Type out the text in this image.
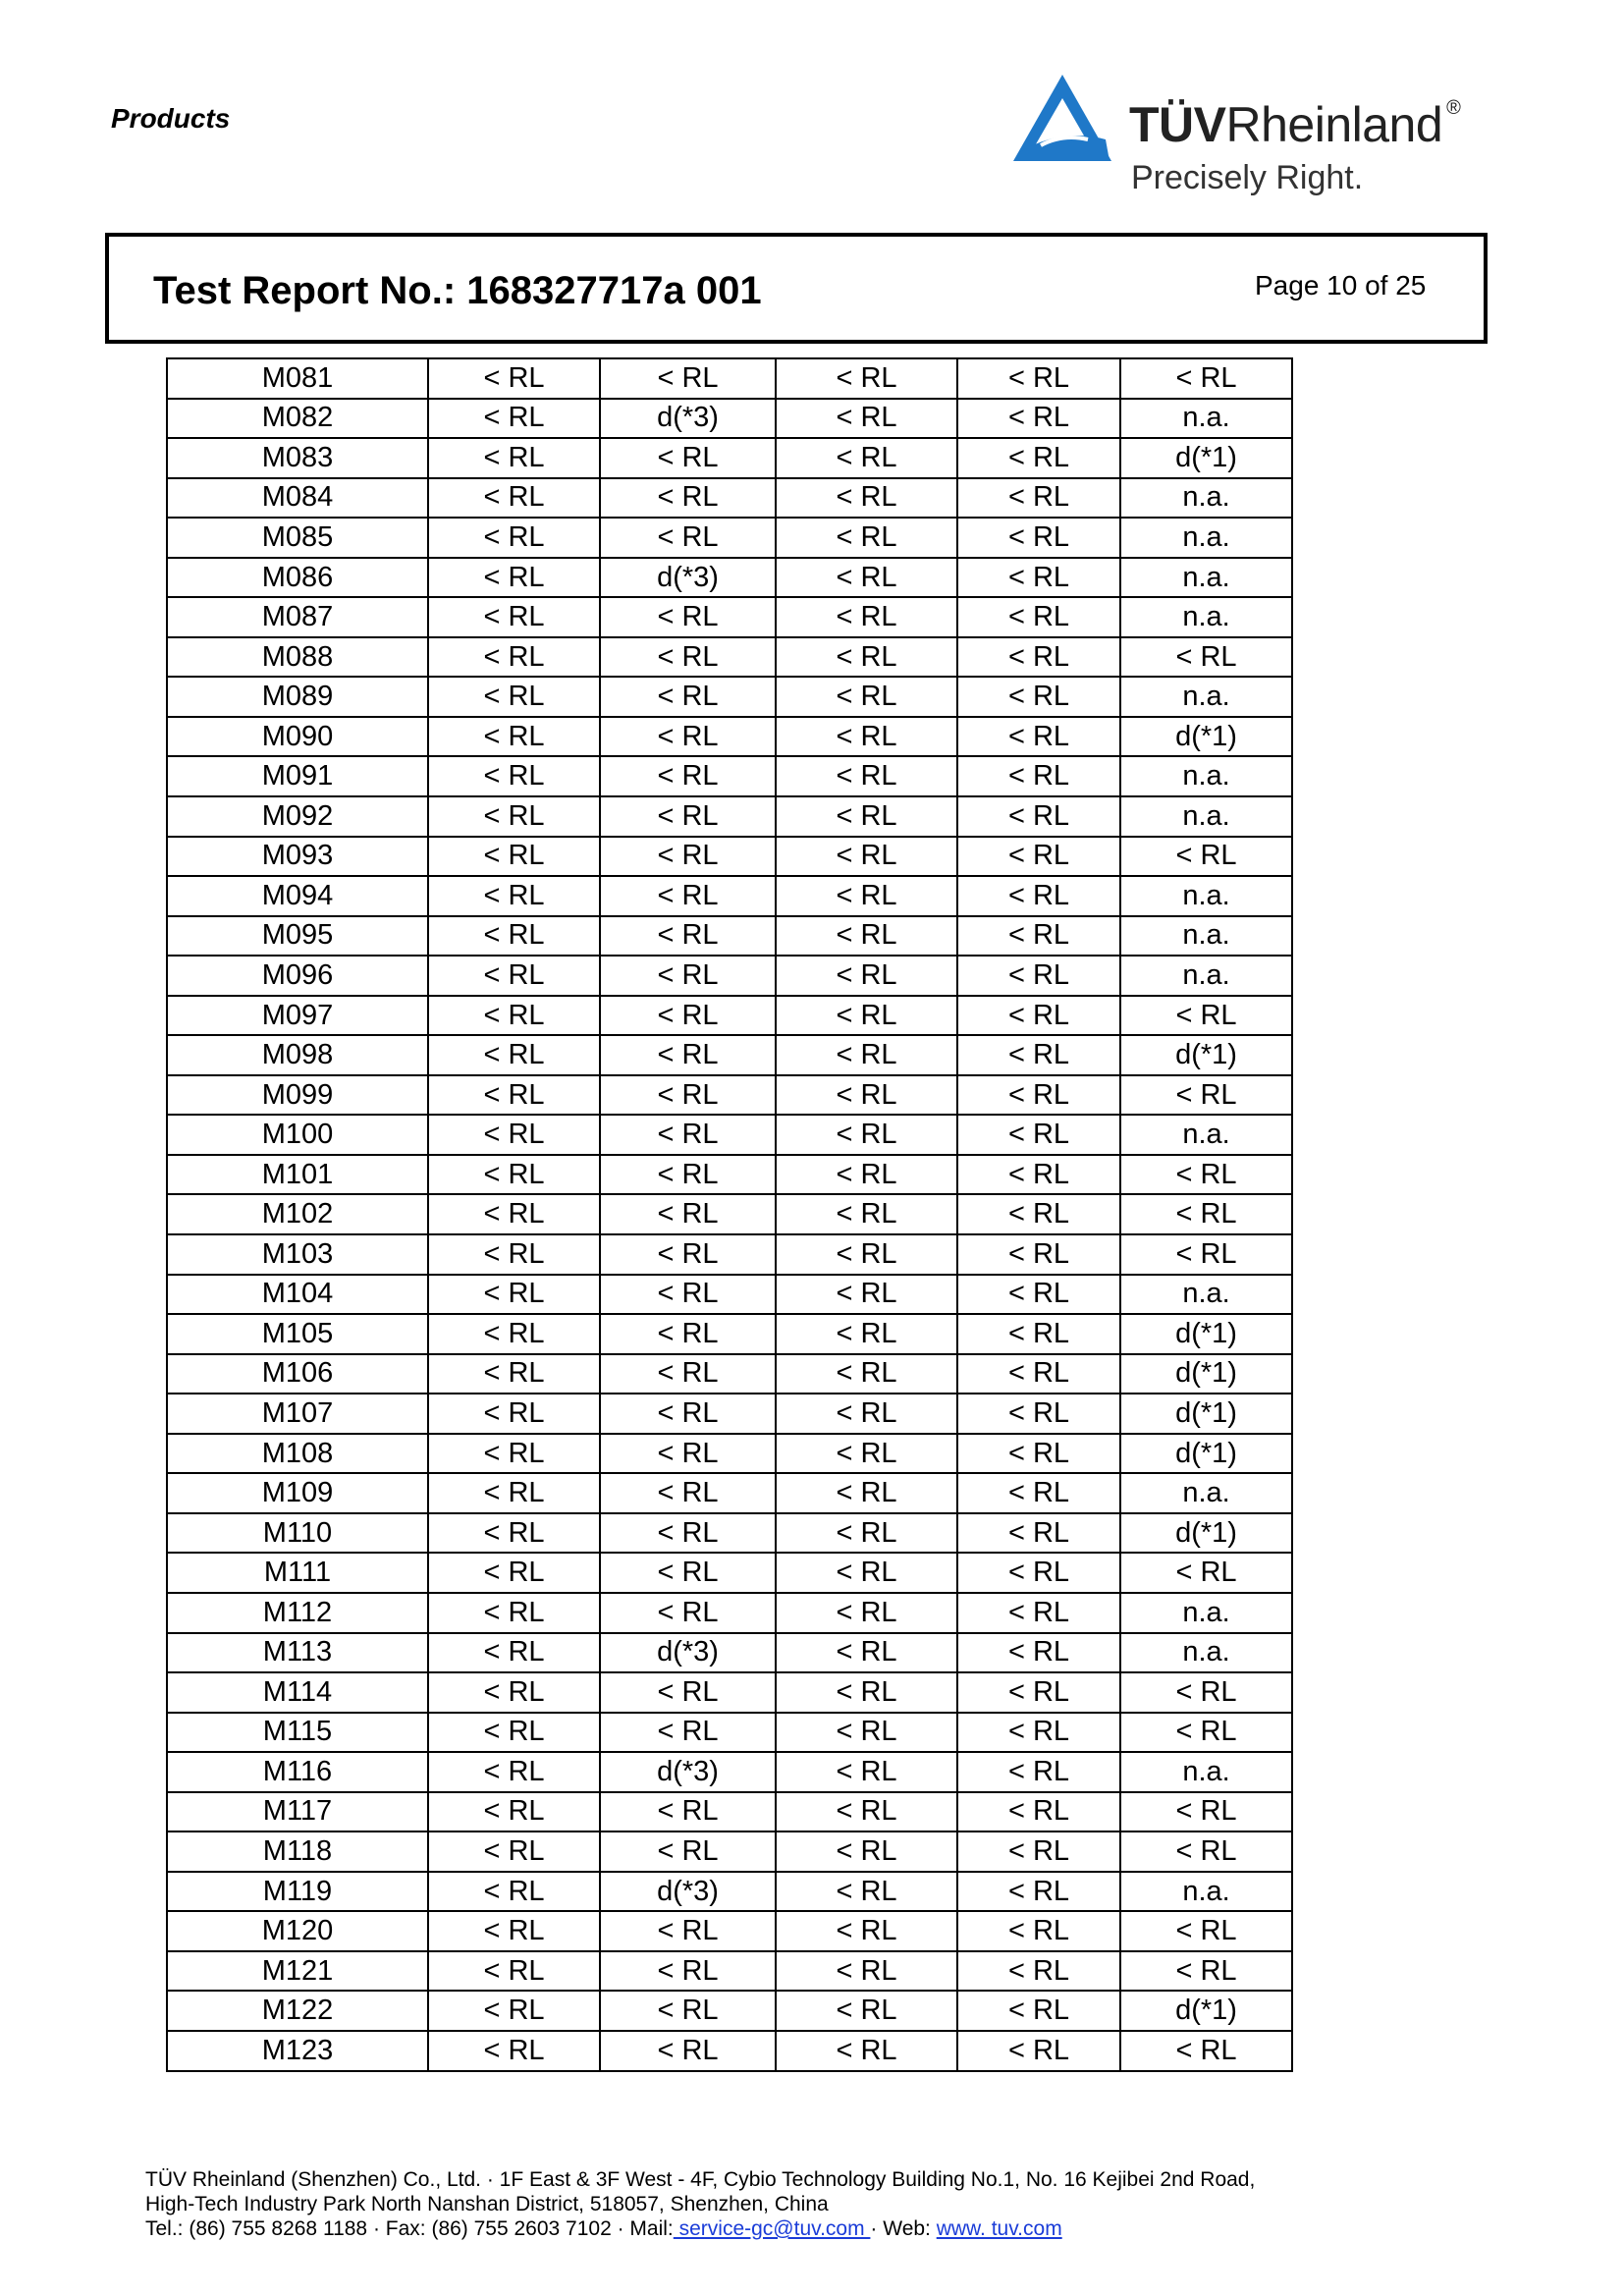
Products	TÜVRheinland ®
Precisely Right.
Test Report No.: 168327717a 001	Page 10 of 25
M081	< RL	< RL	< RL	< RL	< RL
M082	< RL	d(*3)	< RL	< RL	n.a.
M083	< RL	< RL	< RL	< RL	d(*1)
M084	< RL	< RL	< RL	< RL	n.a.
M085	< RL	< RL	< RL	< RL	n.a.
M086	< RL	d(*3)	< RL	< RL	n.a.
M087	< RL	< RL	< RL	< RL	n.a.
M088	< RL	< RL	< RL	< RL	< RL
M089	< RL	< RL	< RL	< RL	n.a.
M090	< RL	< RL	< RL	< RL	d(*1)
M091	< RL	< RL	< RL	< RL	n.a.
M092	< RL	< RL	< RL	< RL	n.a.
M093	< RL	< RL	< RL	< RL	< RL
M094	< RL	< RL	< RL	< RL	n.a.
M095	< RL	< RL	< RL	< RL	n.a.
M096	< RL	< RL	< RL	< RL	n.a.
M097	< RL	< RL	< RL	< RL	< RL
M098	< RL	< RL	< RL	< RL	d(*1)
M099	< RL	< RL	< RL	< RL	< RL
M100	< RL	< RL	< RL	< RL	n.a.
M101	< RL	< RL	< RL	< RL	< RL
M102	< RL	< RL	< RL	< RL	< RL
M103	< RL	< RL	< RL	< RL	< RL
M104	< RL	< RL	< RL	< RL	n.a.
M105	< RL	< RL	< RL	< RL	d(*1)
M106	< RL	< RL	< RL	< RL	d(*1)
M107	< RL	< RL	< RL	< RL	d(*1)
M108	< RL	< RL	< RL	< RL	d(*1)
M109	< RL	< RL	< RL	< RL	n.a.
M110	< RL	< RL	< RL	< RL	d(*1)
M111	< RL	< RL	< RL	< RL	< RL
M112	< RL	< RL	< RL	< RL	n.a.
M113	< RL	d(*3)	< RL	< RL	n.a.
M114	< RL	< RL	< RL	< RL	< RL
M115	< RL	< RL	< RL	< RL	< RL
M116	< RL	d(*3)	< RL	< RL	n.a.
M117	< RL	< RL	< RL	< RL	< RL
M118	< RL	< RL	< RL	< RL	< RL
M119	< RL	d(*3)	< RL	< RL	n.a.
M120	< RL	< RL	< RL	< RL	< RL
M121	< RL	< RL	< RL	< RL	< RL
M122	< RL	< RL	< RL	< RL	d(*1)
M123	< RL	< RL	< RL	< RL	< RL
TÜV Rheinland (Shenzhen) Co., Ltd. · 1F East & 3F West - 4F, Cybio Technology Building No.1, No. 16 Kejibei 2nd Road,
High-Tech Industry Park North Nanshan District, 518057, Shenzhen, China
Tel.: (86) 755 8268 1188 · Fax: (86) 755 2603 7102 · Mail: service-gc@tuv.com · Web: www. tuv.com
